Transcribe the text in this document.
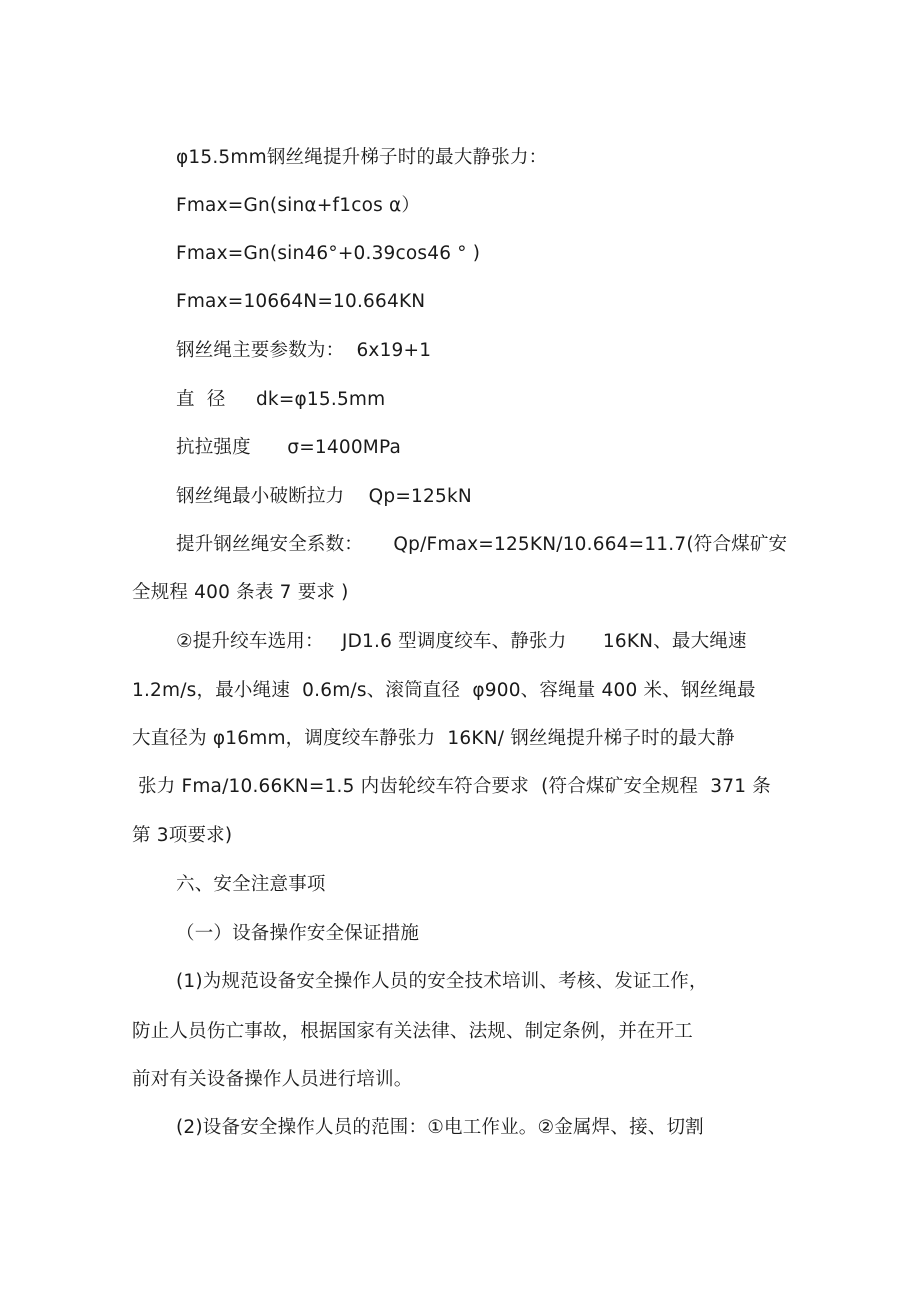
φ15.5mm钢丝绳提升梯子时的最大静张力：
Fmax=Gn(sinα+f1cos α）
Fmax=Gn(sin46°+0.39cos46 ° )
Fmax=10664N=10.664KN
钢丝绳主要参数为：  6x19+1
直  径     dk=φ15.5mm
抗拉强度      σ=1400MPa
钢丝绳最小破断拉力    Qp=125kN
提升钢丝绳安全系数：     Qp/Fmax=125KN/10.664=11.7(符合煤矿安
全规程 400 条表 7 要求 )
②提升绞车选用：   JD1.6 型调度绞车、静张力      16KN、最大绳速
1.2m/s，最小绳速  0.6m/s、滚筒直径  φ900、容绳量 400 米、钢丝绳最
大直径为 φ16mm，调度绞车静张力  16KN/ 钢丝绳提升梯子时的最大静
张力 Fma/10.66KN=1.5 内齿轮绞车符合要求  (符合煤矿安全规程  371 条
第 3项要求)
六、安全注意事项
（一）设备操作安全保证措施
(1)为规范设备安全操作人员的安全技术培训、考核、发证工作，
防止人员伤亡事故，根据国家有关法律、法规、制定条例，并在开工
前对有关设备操作人员进行培训。
(2)设备安全操作人员的范围：①电工作业。②金属焊、接、切割
